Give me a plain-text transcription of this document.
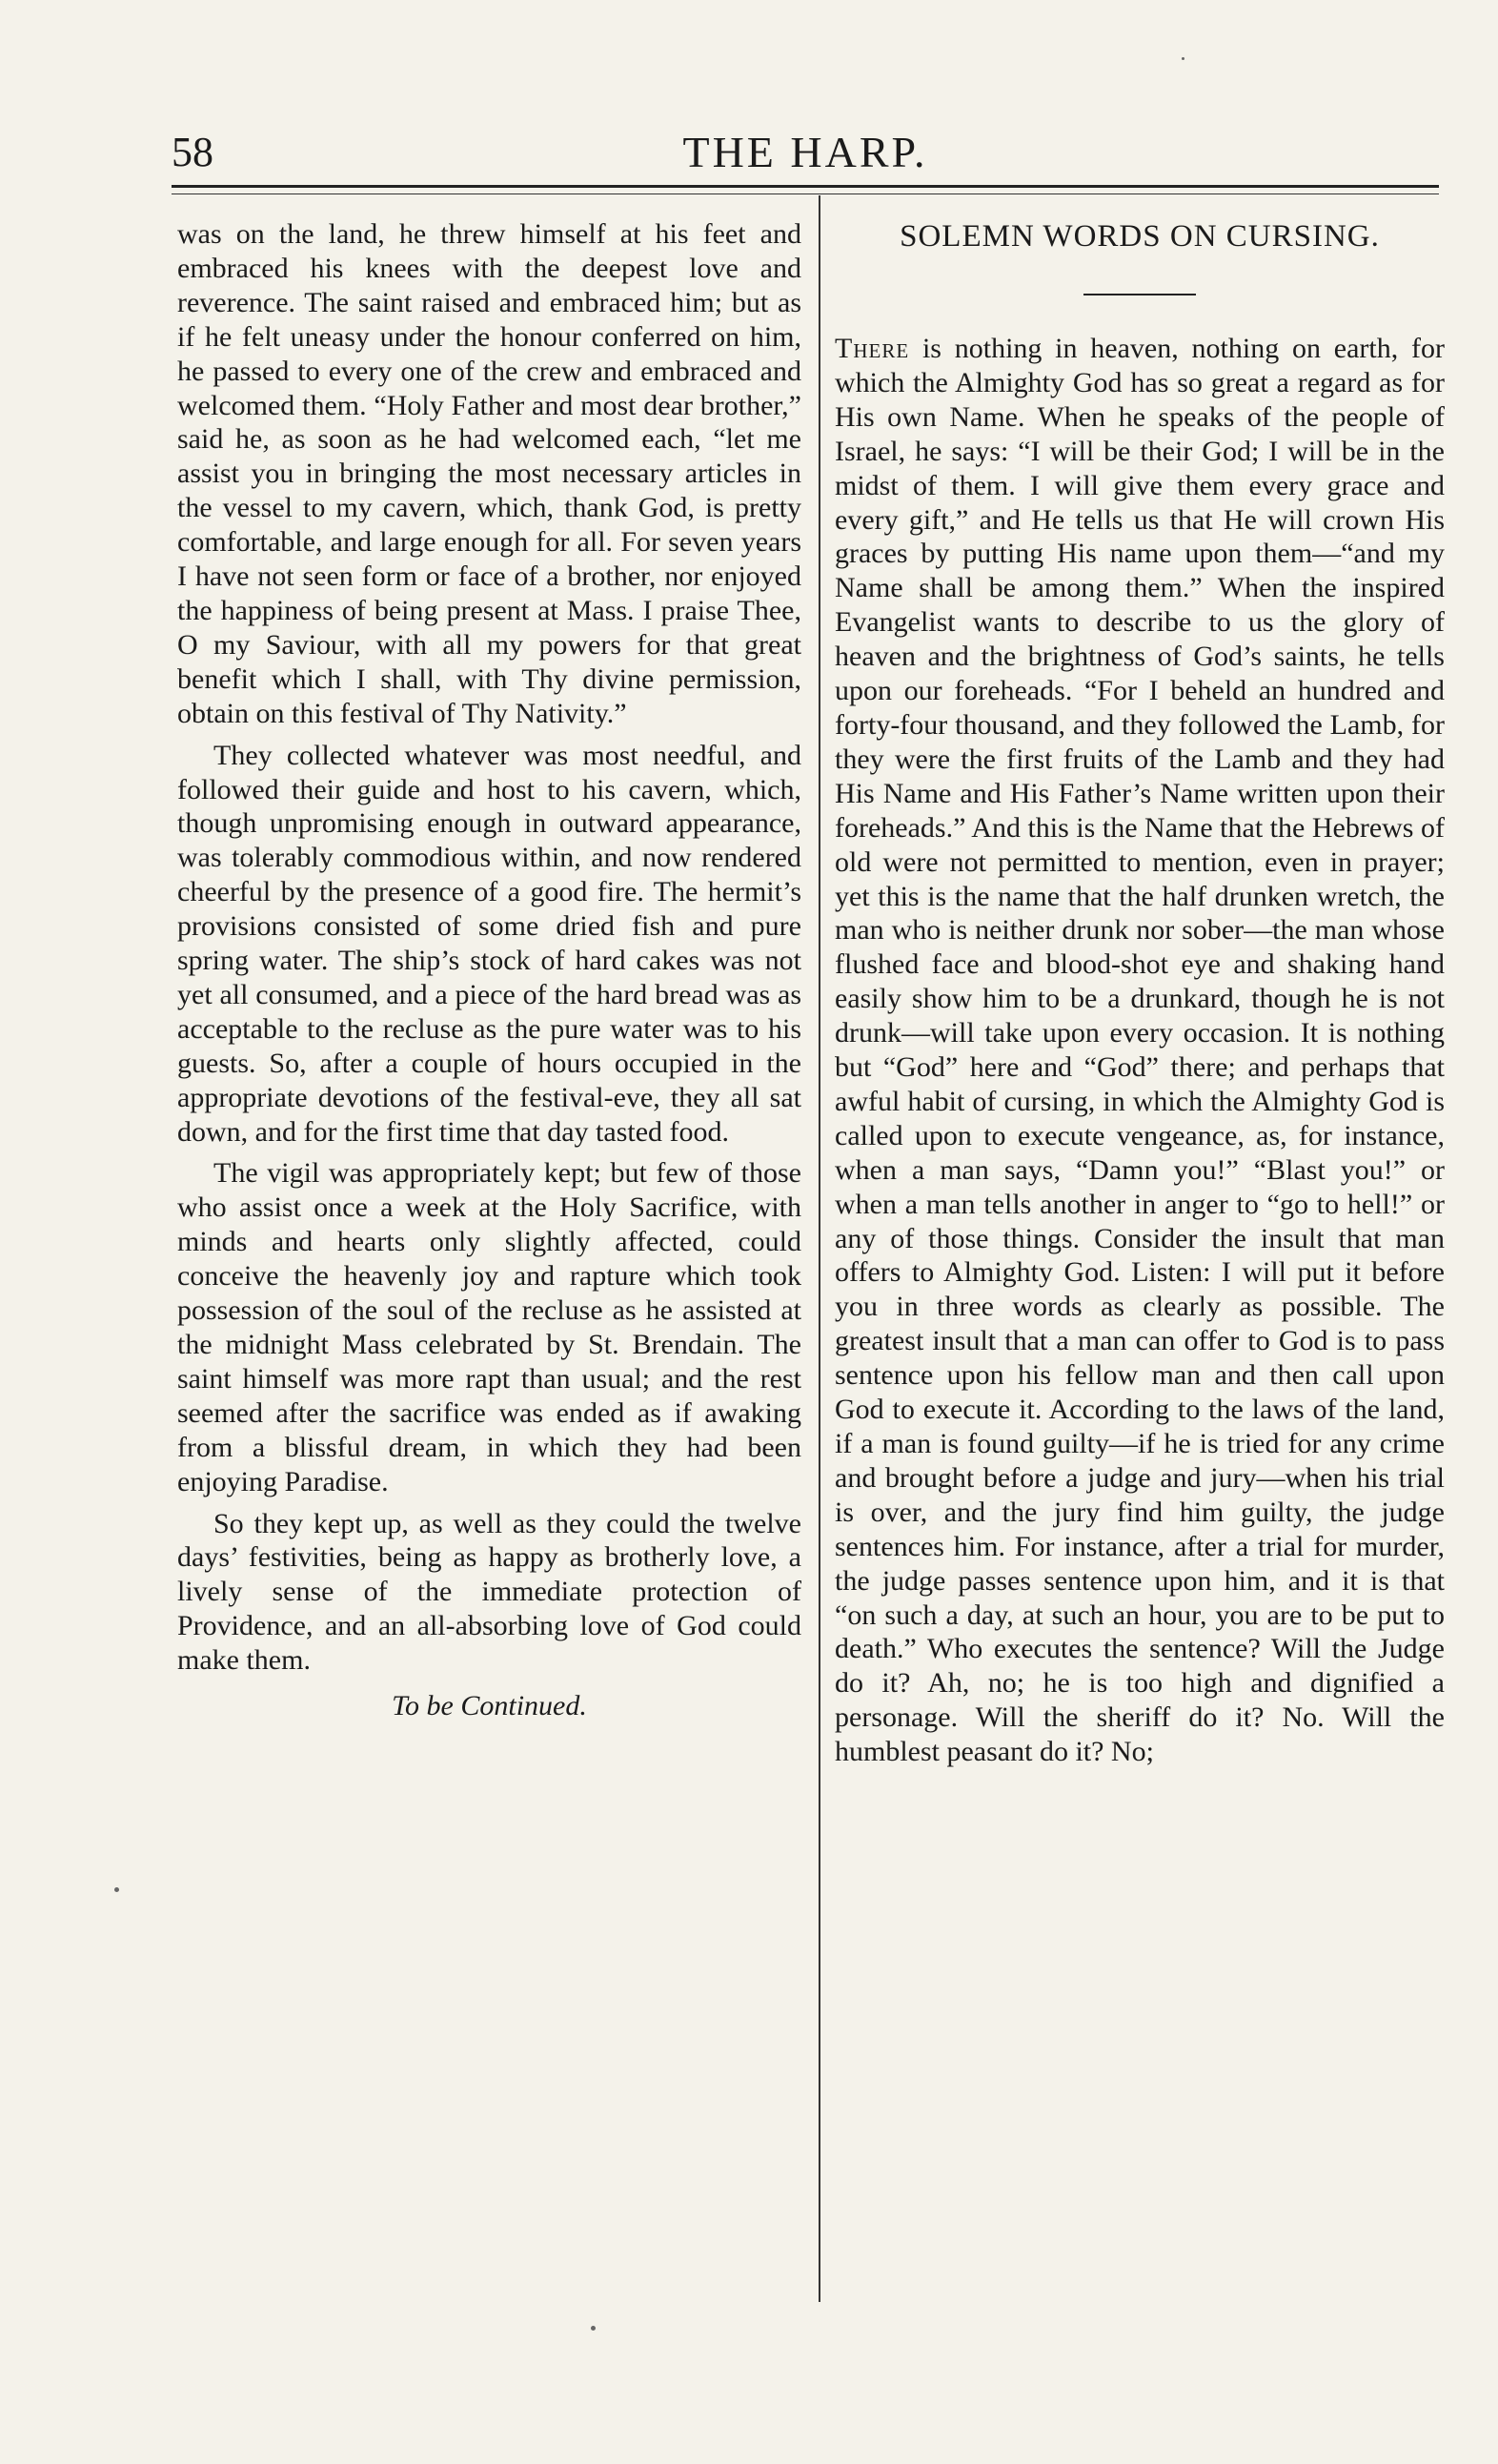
58	THE HARP.

was on the land, he threw himself at his feet and embraced his knees with the deepest love and reverence. The saint raised and embraced him; but as if he felt uneasy under the honour conferred on him, he passed to every one of the crew and embraced and welcomed them. “Holy Father and most dear brother,” said he, as soon as he had welcomed each, “let me assist you in bringing the most necessary articles in the vessel to my cavern, which, thank God, is pretty comfortable, and large enough for all. For seven years I have not seen form or face of a brother, nor enjoyed the happiness of being present at Mass. I praise Thee, O my Saviour, with all my powers for that great benefit which I shall, with Thy divine permission, obtain on this festival of Thy Nativity.”

They collected whatever was most needful, and followed their guide and host to his cavern, which, though unpromising enough in outward appearance, was tolerably commodious within, and now rendered cheerful by the presence of a good fire. The hermit’s provisions consisted of some dried fish and pure spring water. The ship’s stock of hard cakes was not yet all consumed, and a piece of the hard bread was as acceptable to the recluse as the pure water was to his guests. So, after a couple of hours occupied in the appropriate devotions of the festival-eve, they all sat down, and for the first time that day tasted food.

The vigil was appropriately kept; but few of those who assist once a week at the Holy Sacrifice, with minds and hearts only slightly affected, could conceive the heavenly joy and rapture which took possession of the soul of the recluse as he assisted at the midnight Mass celebrated by St. Brendain. The saint himself was more rapt than usual; and the rest seemed after the sacrifice was ended as if awaking from a blissful dream, in which they had been enjoying Paradise.

So they kept up, as well as they could the twelve days’ festivities, being as happy as brotherly love, a lively sense of the immediate protection of Providence, and an all-absorbing love of God could make them.

To be Continued.
SOLEMN WORDS ON CURSING.

There is nothing in heaven, nothing on earth, for which the Almighty God has so great a regard as for His own Name. When he speaks of the people of Israel, he says: “I will be their God; I will be in the midst of them. I will give them every grace and every gift,” and He tells us that He will crown His graces by putting His name upon them—“and my Name shall be among them.” When the inspired Evangelist wants to describe to us the glory of heaven and the brightness of God’s saints, he tells upon our foreheads. “For I beheld an hundred and forty-four thousand, and they followed the Lamb, for they were the first fruits of the Lamb and they had His Name and His Father’s Name written upon their foreheads.” And this is the Name that the Hebrews of old were not permitted to mention, even in prayer; yet this is the name that the half drunken wretch, the man who is neither drunk nor sober—the man whose flushed face and blood-shot eye and shaking hand easily show him to be a drunkard, though he is not drunk—will take upon every occasion. It is nothing but “God” here and “God” there; and perhaps that awful habit of cursing, in which the Almighty God is called upon to execute vengeance, as, for instance, when a man says, “Damn you!” “Blast you!” or when a man tells another in anger to “go to hell!” or any of those things. Consider the insult that man offers to Almighty God. Listen: I will put it before you in three words as clearly as possible. The greatest insult that a man can offer to God is to pass sentence upon his fellow man and then call upon God to execute it. According to the laws of the land, if a man is found guilty—if he is tried for any crime and brought before a judge and jury—when his trial is over, and the jury find him guilty, the judge sentences him. For instance, after a trial for murder, the judge passes sentence upon him, and it is that “on such a day, at such an hour, you are to be put to death.” Who executes the sentence? Will the Judge do it? Ah, no; he is too high and dignified a personage. Will the sheriff do it? No. Will the humblest peasant do it? No;
